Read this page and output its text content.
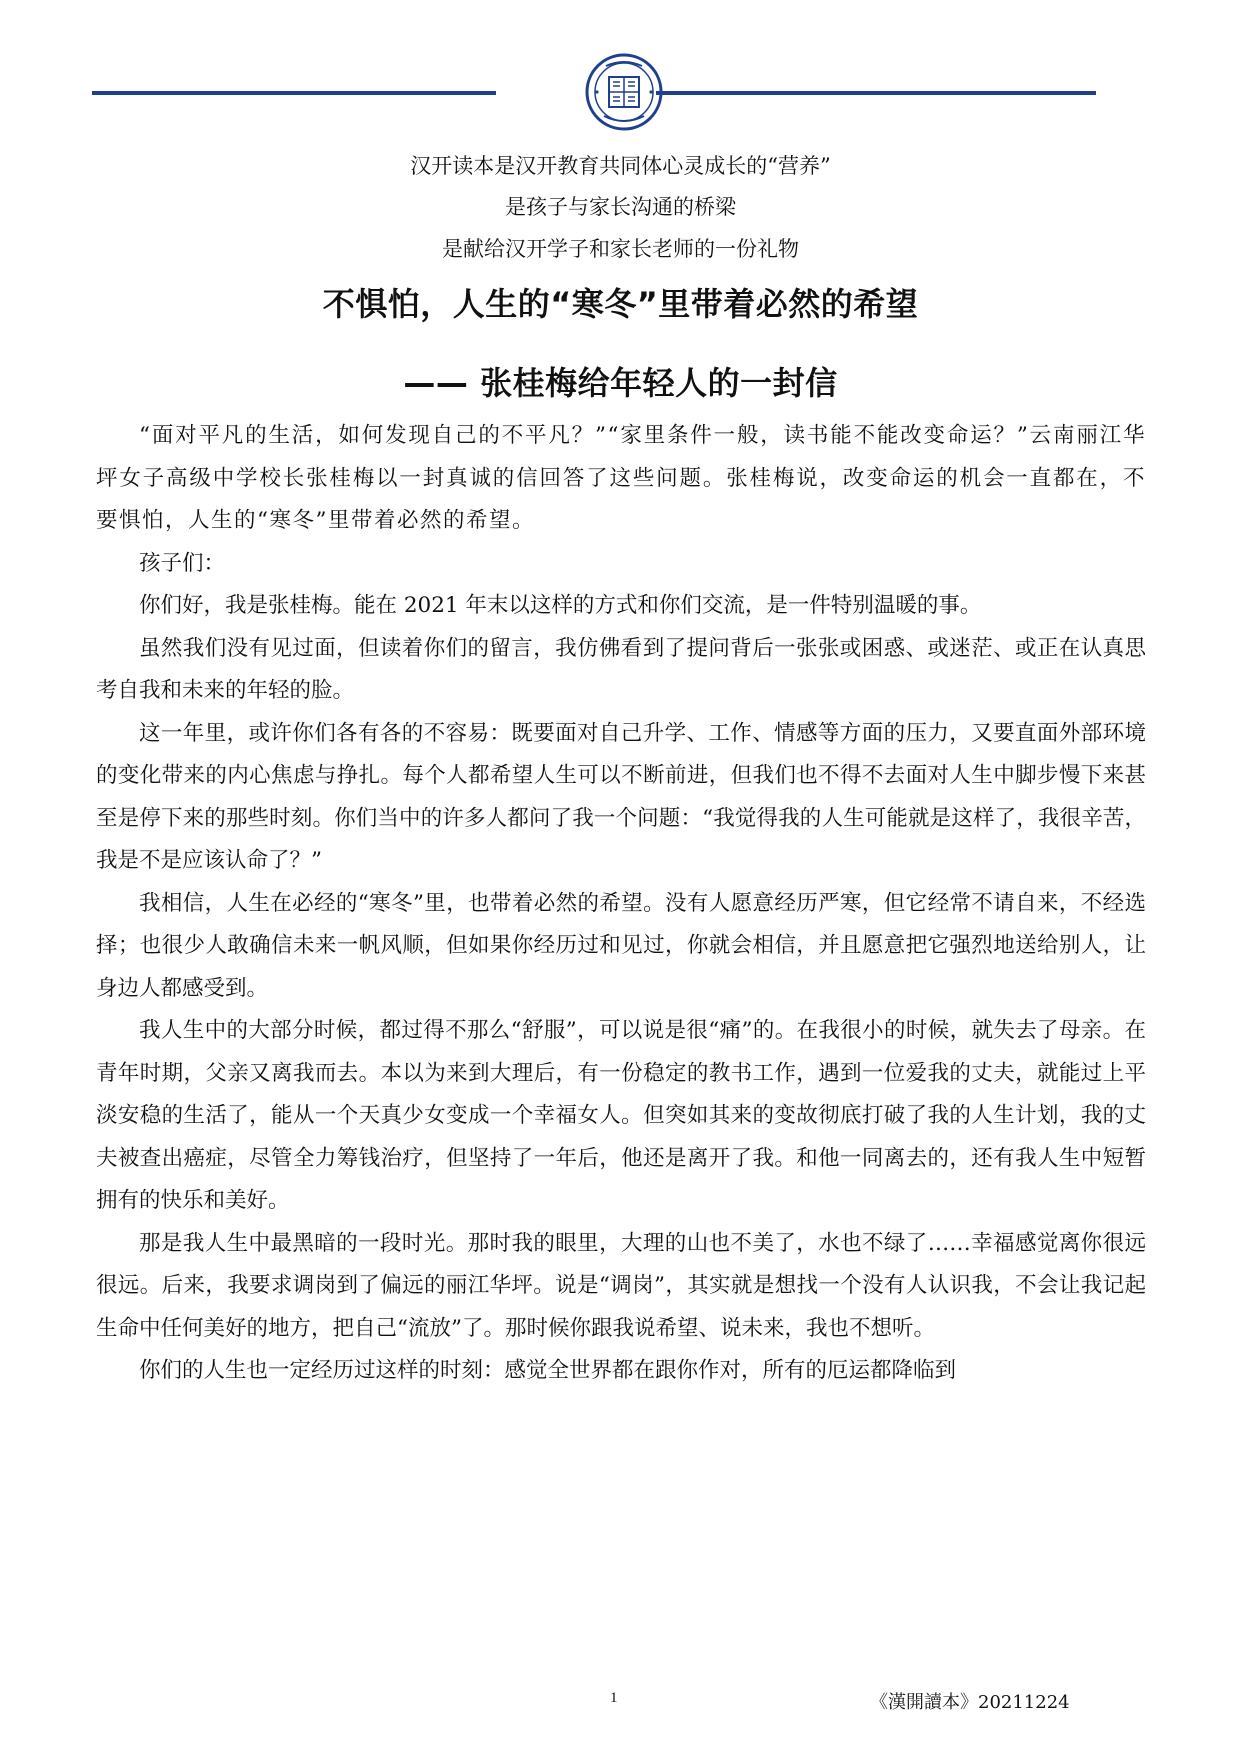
汉开读本是汉开教育共同体心灵成长的“营养”
是孩子与家长沟通的桥梁
是献给汉开学子和家长老师的一份礼物
不惧怕，人生的“寒冬”里带着必然的希望
—— 张桂梅给年轻人的一封信

“面对平凡的生活，如何发现自己的不平凡？”“家里条件一般，读书能不能改变命运？”云南丽江华坪女子高级中学校长张桂梅以一封真诚的信回答了这些问题。张桂梅说，改变命运的机会一直都在，不要惧怕，人生的“寒冬”里带着必然的希望。

孩子们：

你们好，我是张桂梅。能在 2021 年末以这样的方式和你们交流，是一件特别温暖的事。

虽然我们没有见过面，但读着你们的留言，我仿佛看到了提问背后一张张或困惑、或迷茫、或正在认真思考自我和未来的年轻的脸。

这一年里，或许你们各有各的不容易：既要面对自己升学、工作、情感等方面的压力，又要直面外部环境的变化带来的内心焦虑与挣扎。每个人都希望人生可以不断前进，但我们也不得不去面对人生中脚步慢下来甚至是停下来的那些时刻。你们当中的许多人都问了我一个问题：“我觉得我的人生可能就是这样了，我很辛苦，我是不是应该认命了？”

我相信，人生在必经的“寒冬”里，也带着必然的希望。没有人愿意经历严寒，但它经常不请自来，不经选择；也很少人敢确信未来一帆风顺，但如果你经历过和见过，你就会相信，并且愿意把它强烈地送给别人，让身边人都感受到。

我人生中的大部分时候，都过得不那么“舒服”，可以说是很“痛”的。在我很小的时候，就失去了母亲。在青年时期，父亲又离我而去。本以为来到大理后，有一份稳定的教书工作，遇到一位爱我的丈夫，就能过上平淡安稳的生活了，能从一个天真少女变成一个幸福女人。但突如其来的变故彻底打破了我的人生计划，我的丈夫被查出癌症，尽管全力筹钱治疗，但坚持了一年后，他还是离开了我。和他一同离去的，还有我人生中短暂拥有的快乐和美好。

那是我人生中最黑暗的一段时光。那时我的眼里，大理的山也不美了，水也不绿了……幸福感觉离你很远很远。后来，我要求调岗到了偏远的丽江华坪。说是“调岗”，其实就是想找一个没有人认识我，不会让我记起生命中任何美好的地方，把自己“流放”了。那时候你跟我说希望、说未来，我也不想听。

你们的人生也一定经历过这样的时刻：感觉全世界都在跟你作对，所有的厄运都降临到

1	《漢開讀本》20211224
